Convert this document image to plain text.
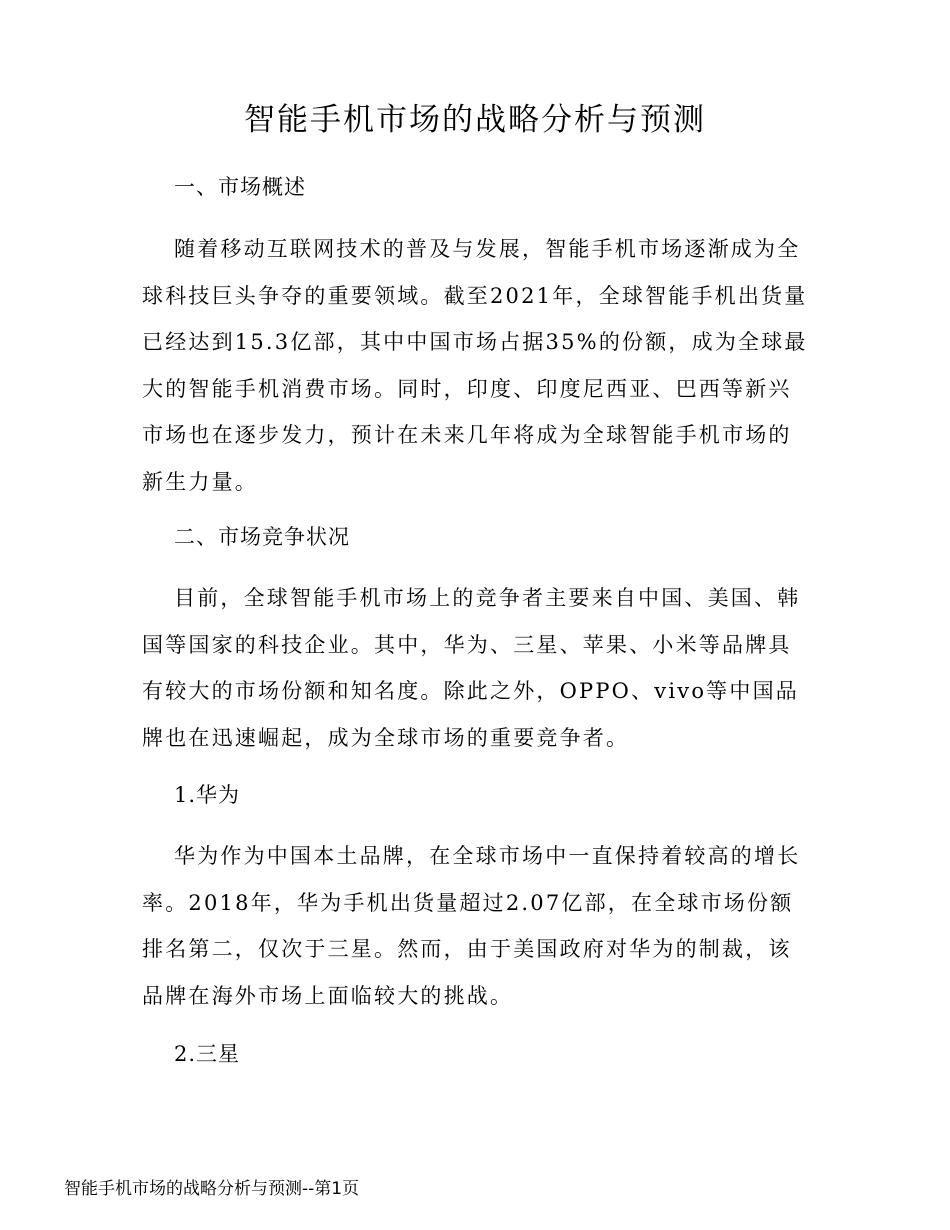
智能手机市场的战略分析与预测
一、市场概述

随着移动互联网技术的普及与发展，智能手机市场逐渐成为全球科技巨头争夺的重要领域。截至2021年，全球智能手机出货量已经达到15.3亿部，其中中国市场占据35%的份额，成为全球最大的智能手机消费市场。同时，印度、印度尼西亚、巴西等新兴市场也在逐步发力，预计在未来几年将成为全球智能手机市场的新生力量。

二、市场竞争状况

目前，全球智能手机市场上的竞争者主要来自中国、美国、韩国等国家的科技企业。其中，华为、三星、苹果、小米等品牌具有较大的市场份额和知名度。除此之外，OPPO、vivo等中国品牌也在迅速崛起，成为全球市场的重要竞争者。

1.华为

华为作为中国本土品牌，在全球市场中一直保持着较高的增长率。2018年，华为手机出货量超过2.07亿部，在全球市场份额排名第二，仅次于三星。然而，由于美国政府对华为的制裁，该品牌在海外市场上面临较大的挑战。

2.三星
智能手机市场的战略分析与预测--第1页
